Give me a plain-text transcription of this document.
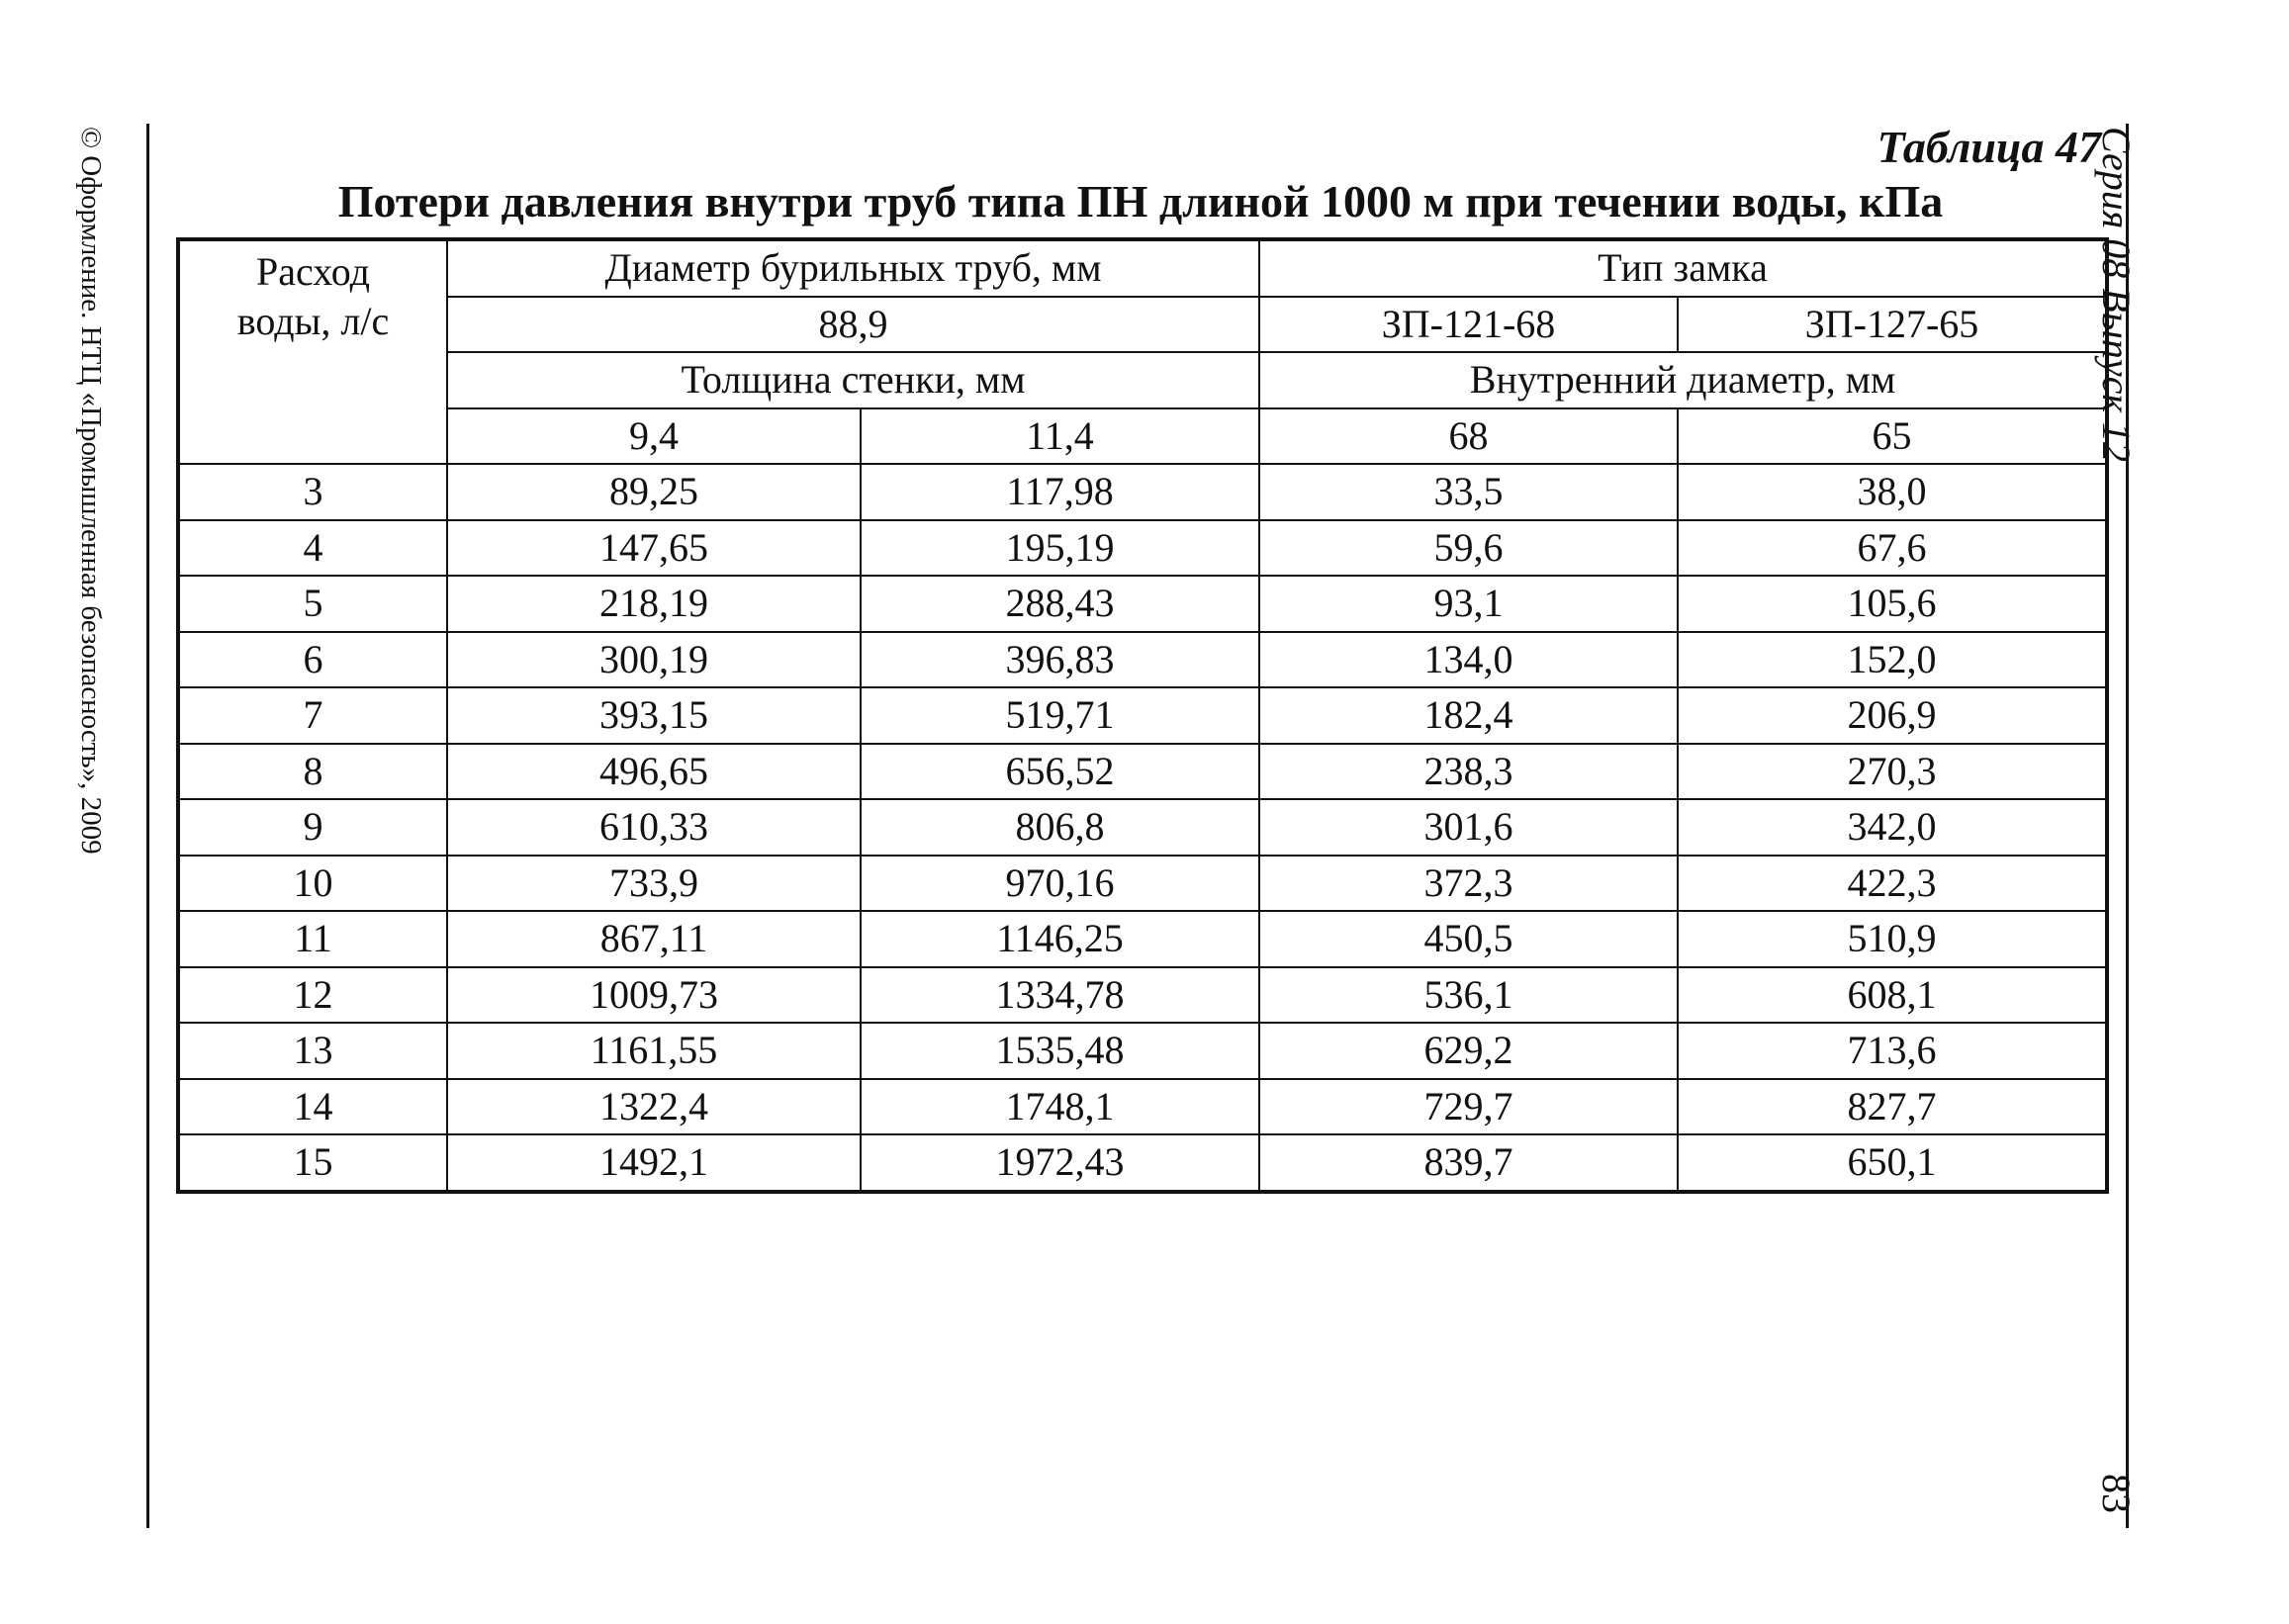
© Оформление. НТЦ «Промышленная безопасность», 2009	Серия 08 Выпуск 12
83
Таблица 47
Потери давления внутри труб типа ПН длиной 1000 м при течении воды, кПа
Расход
воды, л/с	Диаметр бурильных труб, мм		Тип замка	
	88,9		ЗП-121-68	ЗП-127-65
	Толщина стенки, мм		Внутренний диаметр, мм	
	9,4	11,4	68	65
3	89,25	117,98	33,5	38,0
4	147,65	195,19	59,6	67,6
5	218,19	288,43	93,1	105,6
6	300,19	396,83	134,0	152,0
7	393,15	519,71	182,4	206,9
8	496,65	656,52	238,3	270,3
9	610,33	806,8	301,6	342,0
10	733,9	970,16	372,3	422,3
11	867,11	1146,25	450,5	510,9
12	1009,73	1334,78	536,1	608,1
13	1161,55	1535,48	629,2	713,6
14	1322,4	1748,1	729,7	827,7
15	1492,1	1972,43	839,7	650,1
